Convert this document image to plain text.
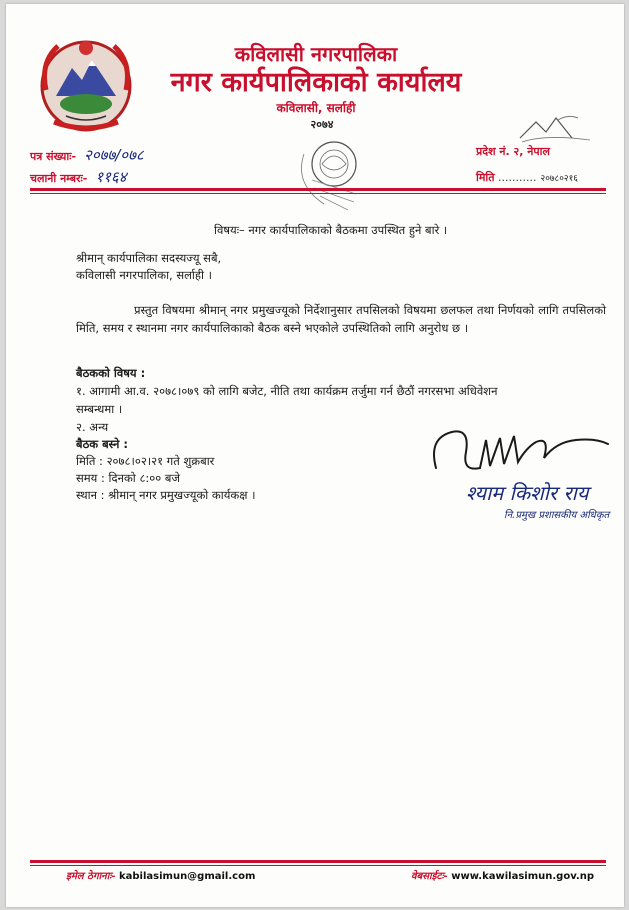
कविलासी नगरपालिका
नगर कार्यपालिकाको कार्यालय
कविलासी, सर्लाही
२०७४
पत्र संख्याः- २०७७/०७८
चलानी नम्बरः- ११६४
प्रदेश नं. २, नेपाल
मिति ........... २०७८०२१६
विषयः– नगर कार्यपालिकाको बैठकमा उपस्थित हुने बारे ।
श्रीमान् कार्यपालिका सदस्यज्यू सबै,
कविलासी नगरपालिका, सर्लाही ।
प्रस्तुत विषयमा श्रीमान् नगर प्रमुखज्यूको निर्देशानुसार तपसिलको विषयमा छलफल तथा निर्णयको लागि तपसिलको मिति, समय र स्थानमा नगर कार्यपालिकाको बैठक बस्ने भएकोले उपस्थितिको लागि अनुरोध छ ।
बैठकको विषय :
१. आगामी आ.व. २०७८।०७९ को लागि बजेट, नीति तथा कार्यक्रम तर्जुमा गर्न छैठौं नगरसभा अधिवेशन
सम्बन्धमा ।
२. अन्य
बैठक बस्ने :
मिति : २०७८।०२।२१ गते शुक्रबार
समय : दिनको ८:०० बजे
स्थान : श्रीमान् नगर प्रमुखज्यूको कार्यकक्ष ।	श्याम किशोर राय
नि.प्रमुख प्रशासकीय अधिकृत
इमेल ठेगानाः- kabilasimun@gmail.com	वेबसाईटः- www.kawilasimun.gov.np
